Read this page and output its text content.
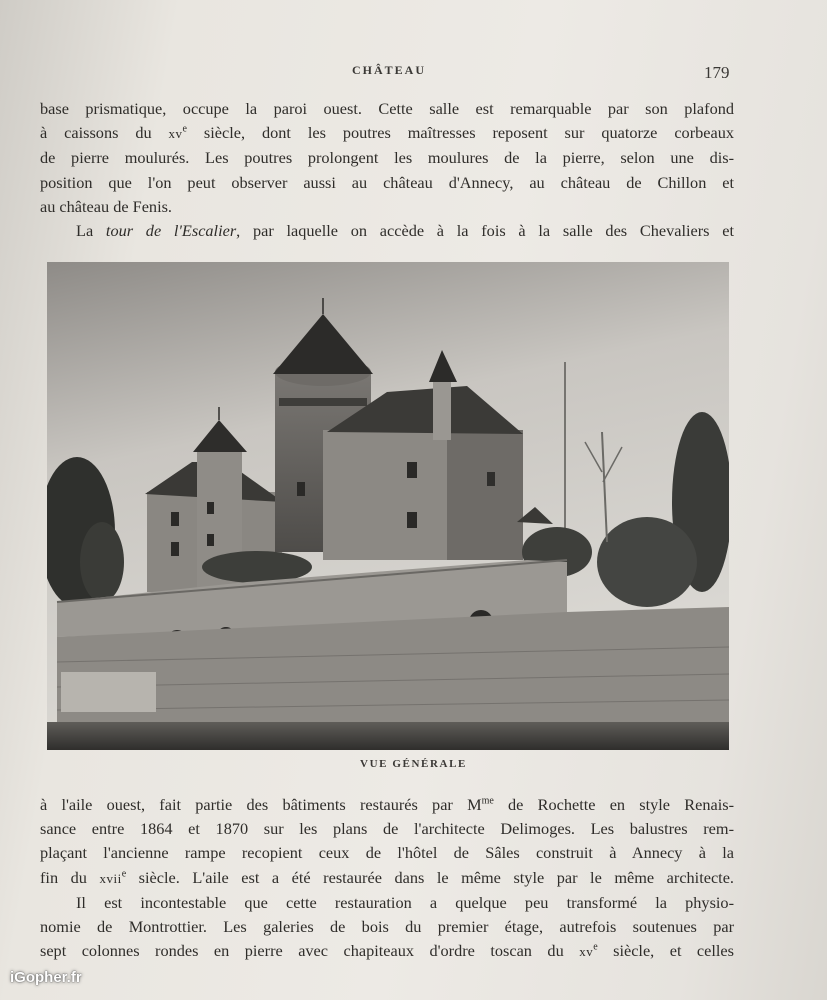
CHÂTEAU	179

base prismatique, occupe la paroi ouest. Cette salle est remarquable par son plafond
à caissons du $xv^e$ siècle, dont les poutres maîtresses reposent sur quatorze corbeaux
de pierre moulurés. Les poutres prolongent les moulures de la pierre, selon une dis-
position que l'on peut observer aussi au château d'Annecy, au château de Chillon et
au château de Fenis.

La tour de l'Escalier, par laquelle on accède à la fois à la salle des Chevaliers et

VUE GÉNÉRALE

à l'aile ouest, fait partie des bâtiments restaurés par $M^{me}$ de Rochette en style Renais-
sance entre 1864 et 1870 sur les plans de l'architecte Delimoges. Les balustres rem-
plaçant l'ancienne rampe recopient ceux de l'hôtel de Sâles construit à Annecy à la
fin du xvii$^e$ siècle. L'aile est a été restaurée dans le même style par le même architecte.

Il est incontestable que cette restauration a quelque peu transformé la physio-
nomie de Montrottier. Les galeries de bois du premier étage, autrefois soutenues par
sept colonnes rondes en pierre avec chapiteaux d'ordre toscan du $xv^e$ siècle, et celles

iGopher.fr
